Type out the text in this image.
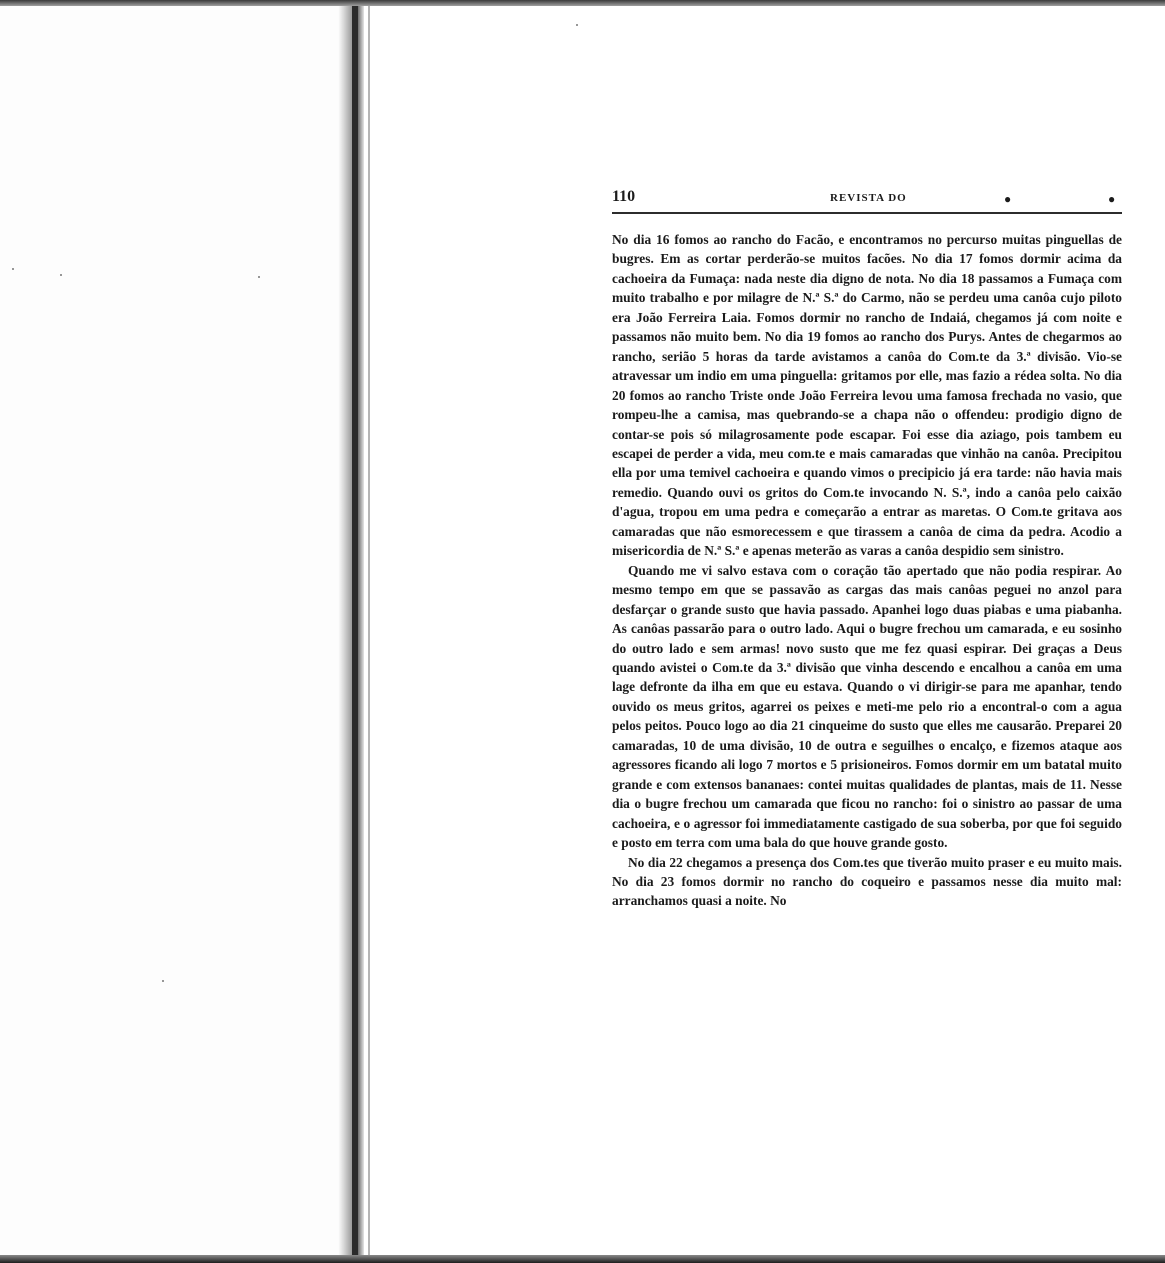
110	REVISTA DO	●	●

No dia 16 fomos ao rancho do Facão, e encontramos no percurso muitas pinguellas de bugres. Em as cortar perderão-se muitos facões. No dia 17 fomos dormir acima da cachoeira da Fumaça: nada neste dia digno de nota. No dia 18 passamos a Fumaça com muito trabalho e por milagre de N.ª S.ª do Carmo, não se perdeu uma canôa cujo piloto era João Ferreira Laia. Fomos dormir no rancho de Indaiá, chegamos já com noite e passamos não muito bem. No dia 19 fomos ao rancho dos Purys. Antes de chegarmos ao rancho, serião 5 horas da tarde avistamos a canôa do Com.te da 3.ª divisão. Vio-se atravessar um indio em uma pinguella: gritamos por elle, mas fazio a rédea solta. No dia 20 fomos ao rancho Triste onde João Ferreira levou uma famosa frechada no vasio, que rompeu-lhe a camisa, mas quebrando-se a chapa não o offendeu: prodigio digno de contar-se pois só milagrosamente pode escapar. Foi esse dia aziago, pois tambem eu escapei de perder a vida, meu com.te e mais camaradas que vinhão na canôa. Precipitou ella por uma temivel cachoeira e quando vimos o precipicio já era tarde: não havia mais remedio. Quando ouvi os gritos do Com.te invocando N. S.ª, indo a canôa pelo caixão d'agua, tropou em uma pedra e começarão a entrar as maretas. O Com.te gritava aos camaradas que não esmorecessem e que tirassem a canôa de cima da pedra. Acodio a misericordia de N.ª S.ª e apenas meterão as varas a canôa despidio sem sinistro.

Quando me vi salvo estava com o coração tão apertado que não podia respirar. Ao mesmo tempo em que se passavão as cargas das mais canôas peguei no anzol para desfarçar o grande susto que havia passado. Apanhei logo duas piabas e uma piabanha. As canôas passarão para o outro lado. Aqui o bugre frechou um camarada, e eu sosinho do outro lado e sem armas! novo susto que me fez quasi espirar. Dei graças a Deus quando avistei o Com.te da 3.ª divisão que vinha descendo e encalhou a canôa em uma lage defronte da ilha em que eu estava. Quando o vi dirigir-se para me apanhar, tendo ouvido os meus gritos, agarrei os peixes e meti-me pelo rio a encontral-o com a agua pelos peitos. Pouco logo ao dia 21 cinqueime do susto que elles me causarão. Preparei 20 camaradas, 10 de uma divisão, 10 de outra e seguilhes o encalço, e fizemos ataque aos agressores ficando ali logo 7 mortos e 5 prisioneiros. Fomos dormir em um batatal muito grande e com extensos bananaes: contei muitas qualidades de plantas, mais de 11. Nesse dia o bugre frechou um camarada que ficou no rancho: foi o sinistro ao passar de uma cachoeira, e o agressor foi immediatamente castigado de sua soberba, por que foi seguido e posto em terra com uma bala do que houve grande gosto.

No dia 22 chegamos a presença dos Com.tes que tiverão muito praser e eu muito mais. No dia 23 fomos dormir no rancho do coqueiro e passamos nesse dia muito mal: arranchamos quasi a noite. No
